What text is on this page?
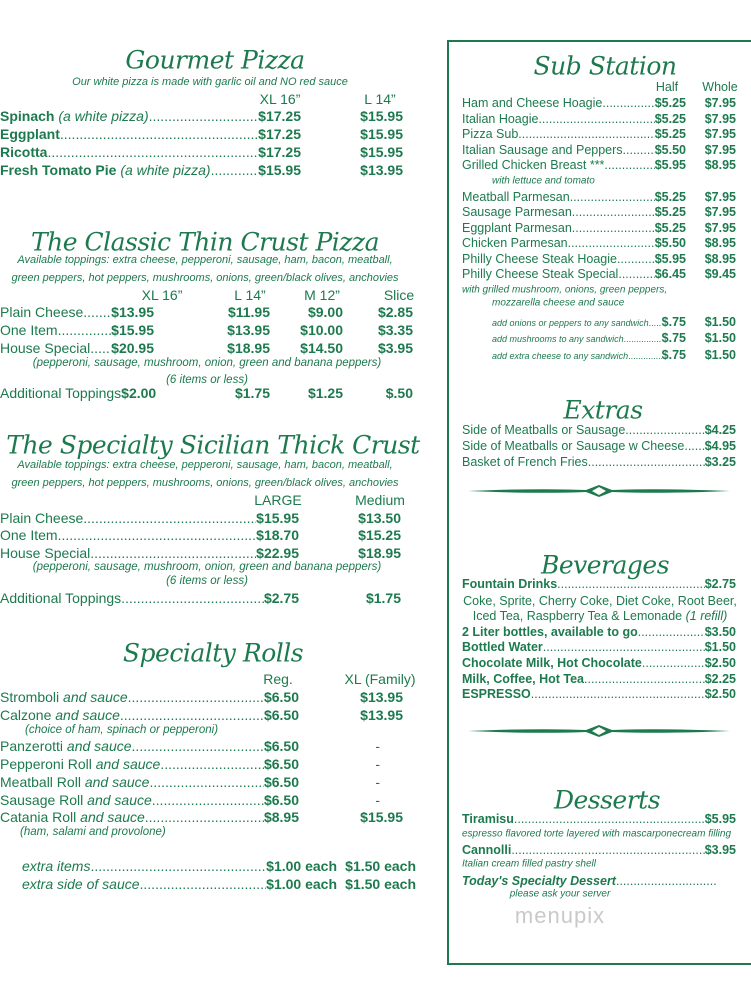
menupix
Gourmet Pizza
Our white pizza is made with garlic oil and NO red sauce
XL 16”	L 14”
Spinach (a white pizza) .....	$17.25	$15.95
Eggplant .....	$17.25	$15.95
Ricotta .....	$17.25	$15.95
Fresh Tomato Pie (a white pizza) .....	$15.95	$13.95
The Classic Thin Crust Pizza
Available toppings: extra cheese, pepperoni, sausage, ham, bacon, meatball,
green peppers, hot peppers, mushrooms, onions, green/black olives, anchovies
XL 16”	L 14”	M 12”	Slice
Plain Cheese ..... $13.95	$11.95	$9.00	$2.85
One Item .....	$15.95	$13.95	$10.00	$3.35
House Special ..... $20.95	$18.95	$14.50	$3.95
(pepperoni, sausage, mushroom, onion, green and banana peppers)
(6 items or less)
Additional Toppings $2.00	$1.75	$1.25	$.50
The Specialty Sicilian Thick Crust
Available toppings: extra cheese, pepperoni, sausage, ham, bacon, meatball,
green peppers, hot peppers, mushrooms, onions, green/black olives, anchovies
LARGE	Medium
Plain Cheese .....	$15.95	$13.50
One Item .....	$18.70	$15.25
House Special .....	$22.95	$18.95
(pepperoni, sausage, mushroom, onion, green and banana peppers)
(6 items or less)
Additional Toppings .....	$2.75	$1.75
Specialty Rolls
Reg.	XL (Family)
Stromboli and sauce .....	$6.50	$13.95
Calzone and sauce .....	$6.50	$13.95
(choice of ham, spinach or pepperoni)
Panzerotti and sauce .....	$6.50	-
Pepperoni Roll and sauce .....	$6.50	-
Meatball Roll and sauce .....	$6.50	-
Sausage Roll and sauce .....	$6.50	-
Catania Roll and sauce .....	$8.95	$15.95
(ham, salami and provolone)
extra items .....	$1.00 each $1.50 each
extra side of sauce .....	$1.00 each $1.50 each
Sub Station
Half Whole
Ham and Cheese Hoagie .....	$5.25	$7.95
Italian Hoagie .....	$5.25	$7.95
Pizza Sub .....	$5.25	$7.95
Italian Sausage and Peppers .....	$5.50	$7.95
Grilled Chicken Breast *** .....	$5.95	$8.95
with lettuce and tomato
Meatball Parmesan .....	$5.25	$7.95
Sausage Parmesan .....	$5.25	$7.95
Eggplant Parmesan .....	$5.25	$7.95
Chicken Parmesan .....	$5.50	$8.95
Philly Cheese Steak Hoagie .....	$5.95	$8.95
Philly Cheese Steak Special .....	$6.45	$9.45
with grilled mushroom, onions, green peppers,
mozzarella cheese and sauce
add onions or peppers to any sandwich ..... $.75	$1.50
add mushrooms to any sandwich .....	$.75	$1.50
add extra cheese to any sandwich .....	$.75	$1.50
Extras
Side of Meatballs or Sausage .....	$4.25
Side of Meatballs or Sausage w Cheese ..... $4.95
Basket of French Fries .....	$3.25
Beverages
Fountain Drinks .....	$2.75
Coke, Sprite, Cherry Coke, Diet Coke, Root Beer,
Iced Tea, Raspberry Tea & Lemonade (1 refill)
2 Liter bottles, available to go .....	$3.50
Bottled Water .....	$1.50
Chocolate Milk, Hot Chocolate .....	$2.50
Milk, Coffee, Hot Tea .....	$2.25
ESPRESSO .....	$2.50
Desserts
Tiramisu .....	$5.95
espresso flavored torte layered with mascarponecream filling
Cannolli .....	$3.95
Italian cream filled pastry shell
Today's Specialty Dessert
.....
please ask your server
